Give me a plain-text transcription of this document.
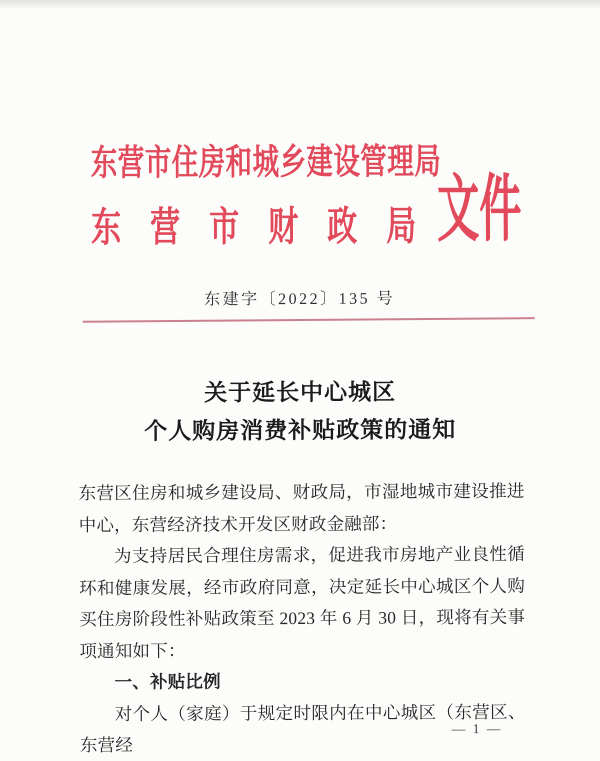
东营市住房和城乡建设管理局
东营市财政局
文件
东建字〔2022〕135 号
关于延长中心城区
个人购房消费补贴政策的通知

东营区住房和城乡建设局、财政局，市湿地城市建设推进中心，东营经济技术开发区财政金融部：

为支持居民合理住房需求，促进我市房地产业良性循环和健康发展，经市政府同意，决定延长中心城区个人购买住房阶段性补贴政策至 2023 年 6 月 30 日，现将有关事项通知如下：

一、补贴比例

对个人（家庭）于规定时限内在中心城区（东营区、东营经

— 1 —
